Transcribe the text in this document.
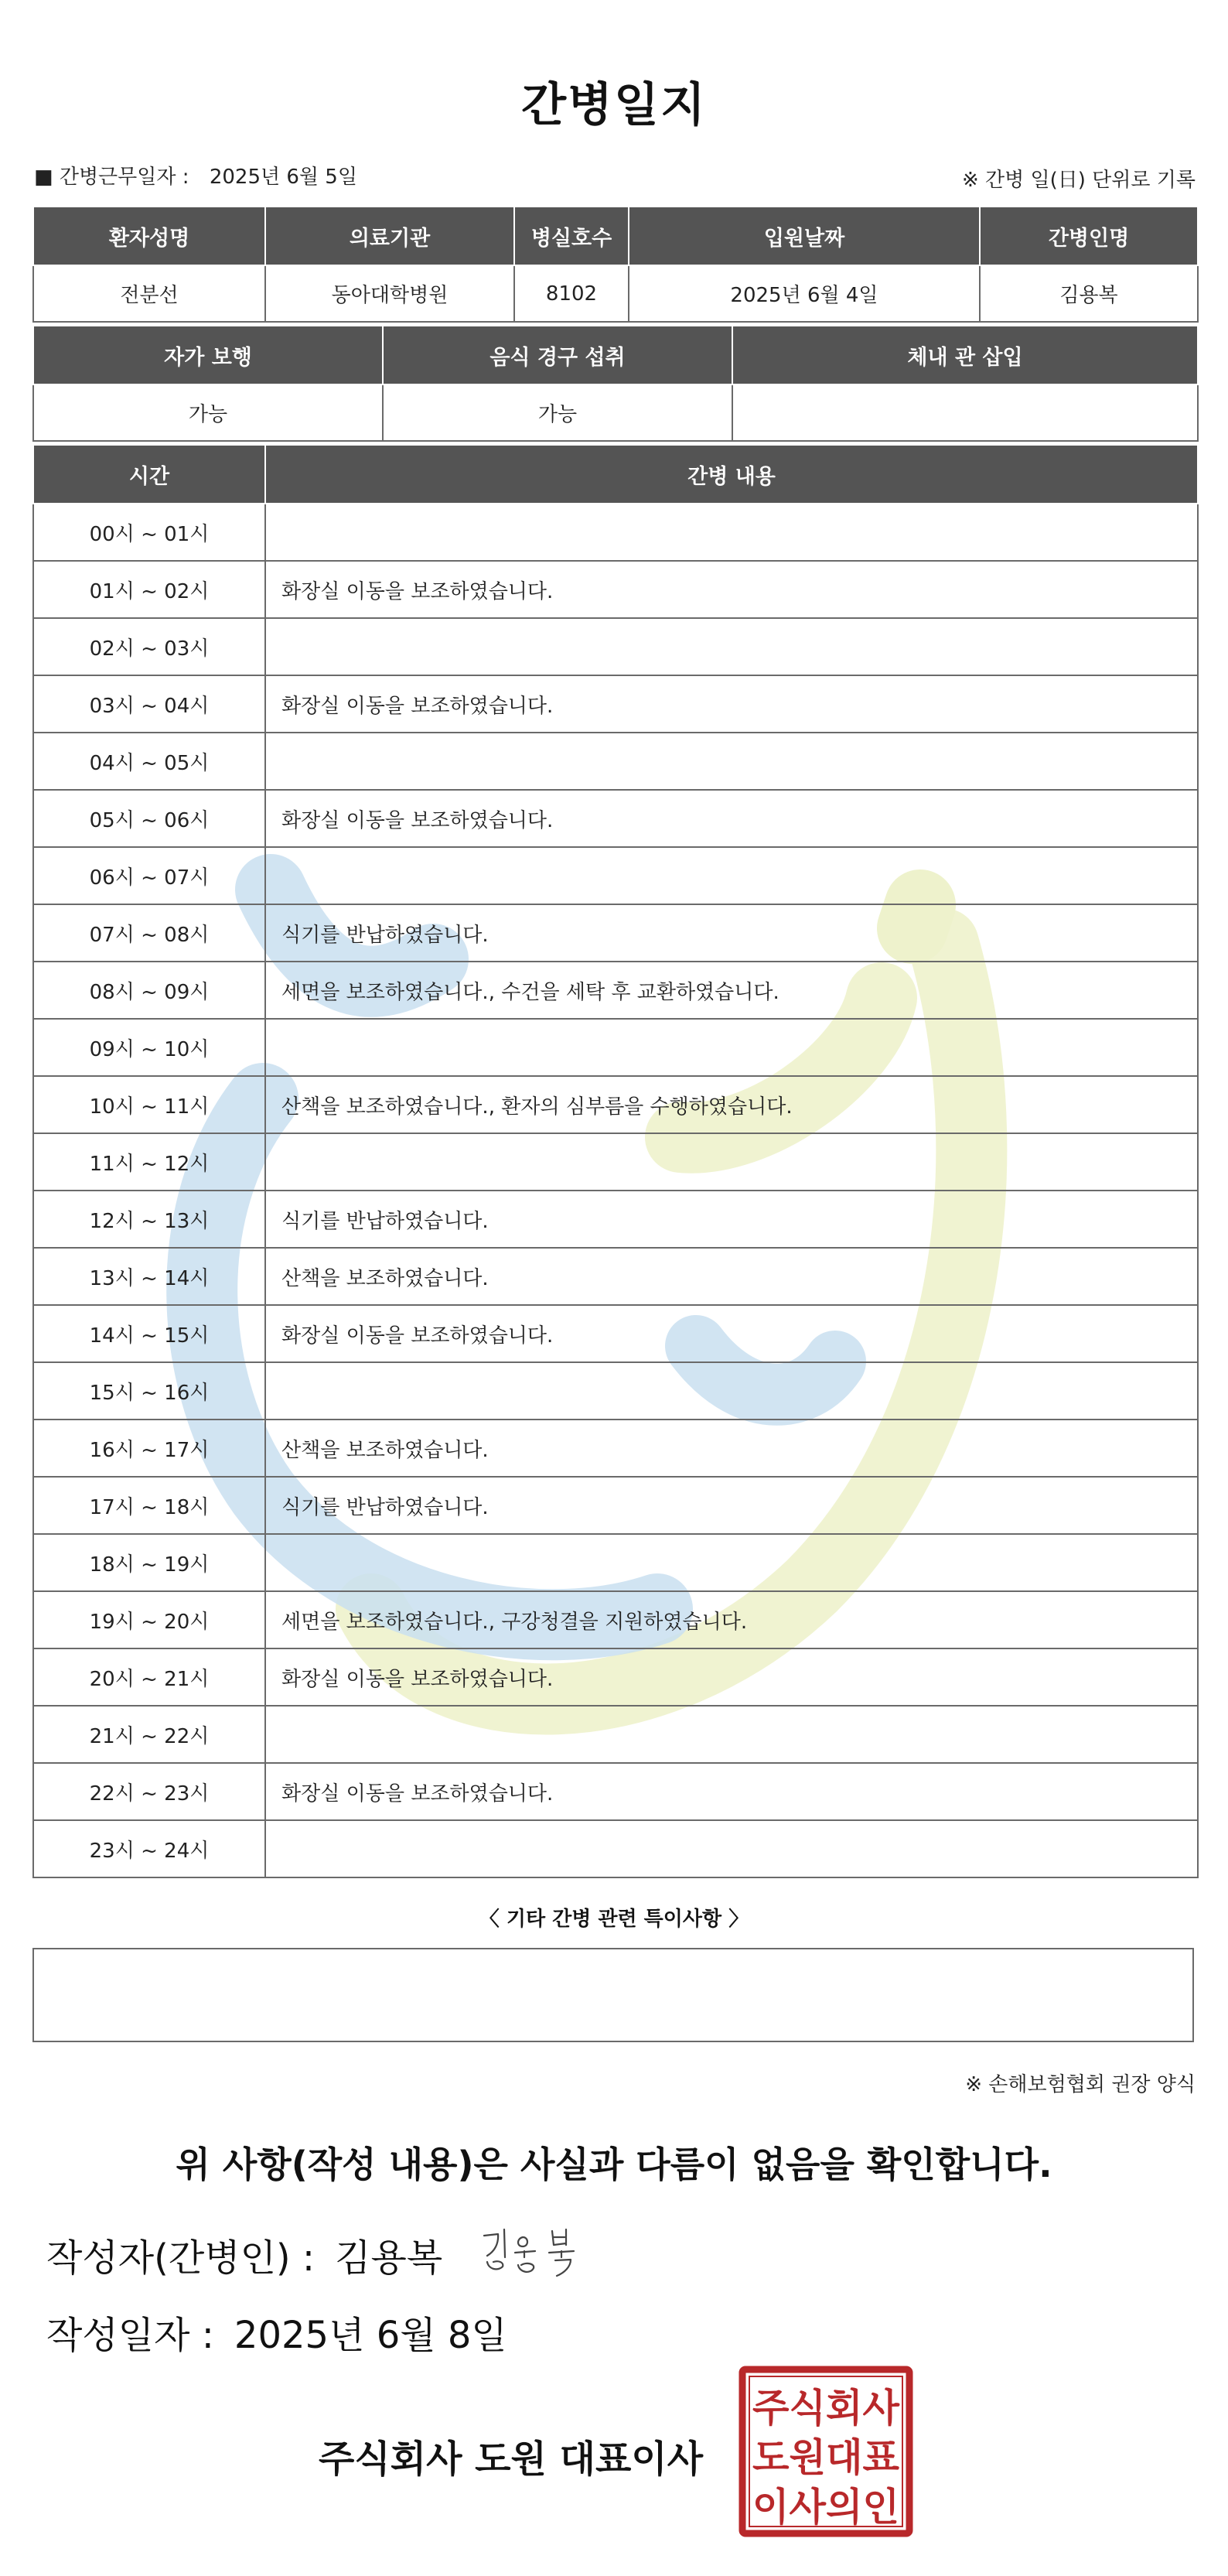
간병일지
■ 간병근무일자 : 2025년 6월 5일	※ 간병 일(日) 단위로 기록
환자성명	의료기관	병실호수	입원날짜	간병인명
전분선	동아대학병원	8102	2025년 6월 4일	김용복
자가 보행	음식 경구 섭취	체내 관 삽입
가능	가능	
시간	간병 내용
00시 ~ 01시	
01시 ~ 02시	화장실 이동을 보조하였습니다.
02시 ~ 03시	
03시 ~ 04시	화장실 이동을 보조하였습니다.
04시 ~ 05시	
05시 ~ 06시	화장실 이동을 보조하였습니다.
06시 ~ 07시	
07시 ~ 08시	식기를 반납하였습니다.
08시 ~ 09시	세면을 보조하였습니다., 수건을 세탁 후 교환하였습니다.
09시 ~ 10시	
10시 ~ 11시	산책을 보조하였습니다., 환자의 심부름을 수행하였습니다.
11시 ~ 12시	
12시 ~ 13시	식기를 반납하였습니다.
13시 ~ 14시	산책을 보조하였습니다.
14시 ~ 15시	화장실 이동을 보조하였습니다.
15시 ~ 16시	
16시 ~ 17시	산책을 보조하였습니다.
17시 ~ 18시	식기를 반납하였습니다.
18시 ~ 19시	
19시 ~ 20시	세면을 보조하였습니다., 구강청결을 지원하였습니다.
20시 ~ 21시	화장실 이동을 보조하였습니다.
21시 ~ 22시	
22시 ~ 23시	화장실 이동을 보조하였습니다.
23시 ~ 24시	
〈 기타 간병 관련 특이사항 〉
※ 손해보험협회 권장 양식
위 사항(작성 내용)은 사실과 다름이 없음을 확인합니다.
작성자(간병인) : 김용복
작성일자 : 2025년 6월 8일
주식회사 도원 대표이사
주식회사
도원대표
이사의인
